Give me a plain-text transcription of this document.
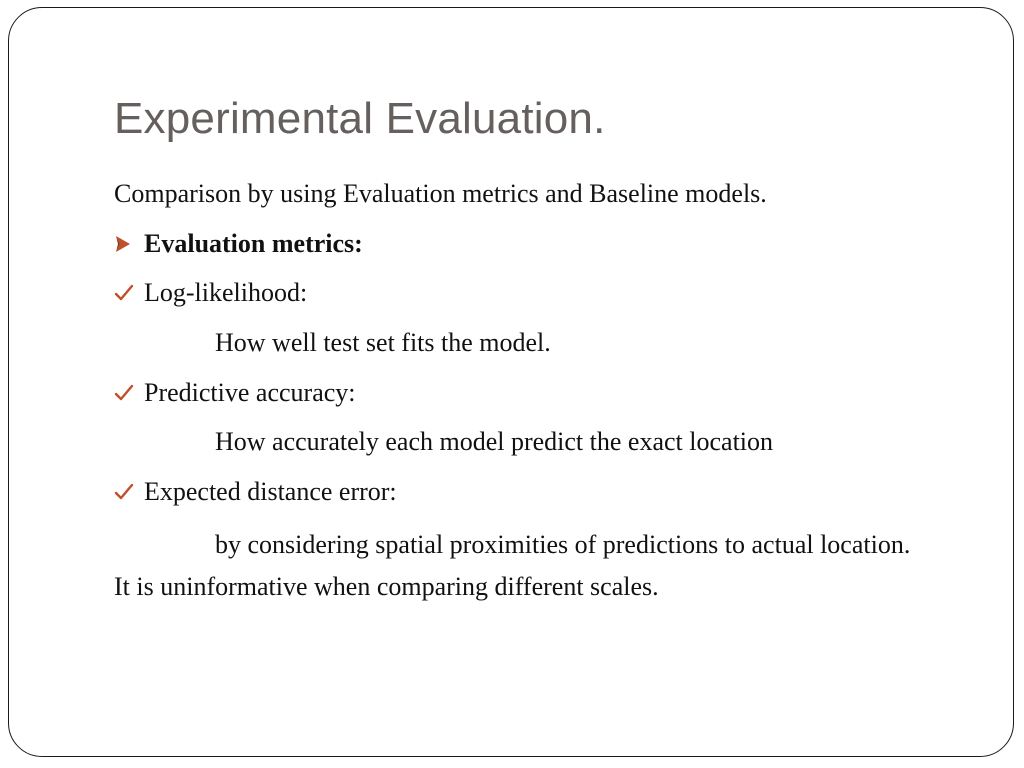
Experimental Evaluation.
Comparison by using Evaluation metrics and Baseline models.
Evaluation metrics:
Log-likelihood:
How well test set fits the model.
Predictive accuracy:
How accurately each model predict the exact location
Expected distance error:
by considering spatial proximities of predictions to actual location. It is uninformative when comparing different scales.
